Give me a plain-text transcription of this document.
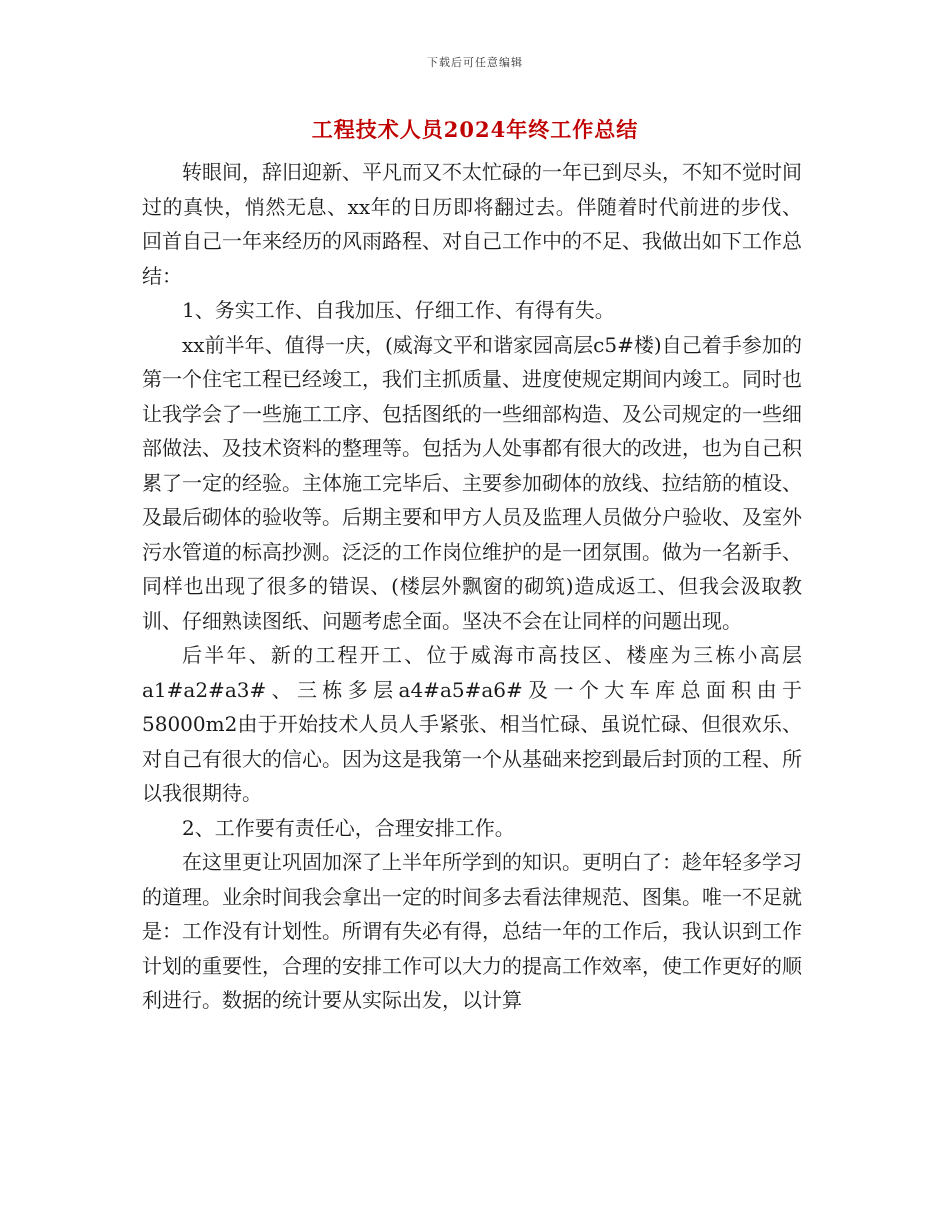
下载后可任意编辑
工程技术人员2024年终工作总结

转眼间，辞旧迎新、平凡而又不太忙碌的一年已到尽头，不知不觉时间过的真快，悄然无息、xx年的日历即将翻过去。伴随着时代前进的步伐、回首自己一年来经历的风雨路程、对自己工作中的不足、我做出如下工作总结：

1、务实工作、自我加压、仔细工作、有得有失。

xx前半年、值得一庆，(威海文平和谐家园高层c5#楼)自己着手参加的第一个住宅工程已经竣工，我们主抓质量、进度使规定期间内竣工。同时也让我学会了一些施工工序、包括图纸的一些细部构造、及公司规定的一些细部做法、及技术资料的整理等。包括为人处事都有很大的改进，也为自己积累了一定的经验。主体施工完毕后、主要参加砌体的放线、拉结筋的植设、及最后砌体的验收等。后期主要和甲方人员及监理人员做分户验收、及室外污水管道的标高抄测。泛泛的工作岗位维护的是一团氛围。做为一名新手、同样也出现了很多的错误、(楼层外飘窗的砌筑)造成返工、但我会汲取教训、仔细熟读图纸、问题考虑全面。坚决不会在让同样的问题出现。

后半年、新的工程开工、位于威海市高技区、楼座为三栋小高层a1#a2#a3#、三栋多层a4#a5#a6#及一个大车库总面积由于58000m2由于开始技术人员人手紧张、相当忙碌、虽说忙碌、但很欢乐、对自己有很大的信心。因为这是我第一个从基础来挖到最后封顶的工程、所以我很期待。

2、工作要有责任心，合理安排工作。

在这里更让巩固加深了上半年所学到的知识。更明白了：趁年轻多学习的道理。业余时间我会拿出一定的时间多去看法律规范、图集。唯一不足就是：工作没有计划性。所谓有失必有得，总结一年的工作后，我认识到工作计划的重要性，合理的安排工作可以大力的提高工作效率，使工作更好的顺利进行。数据的统计要从实际出发，以计算
